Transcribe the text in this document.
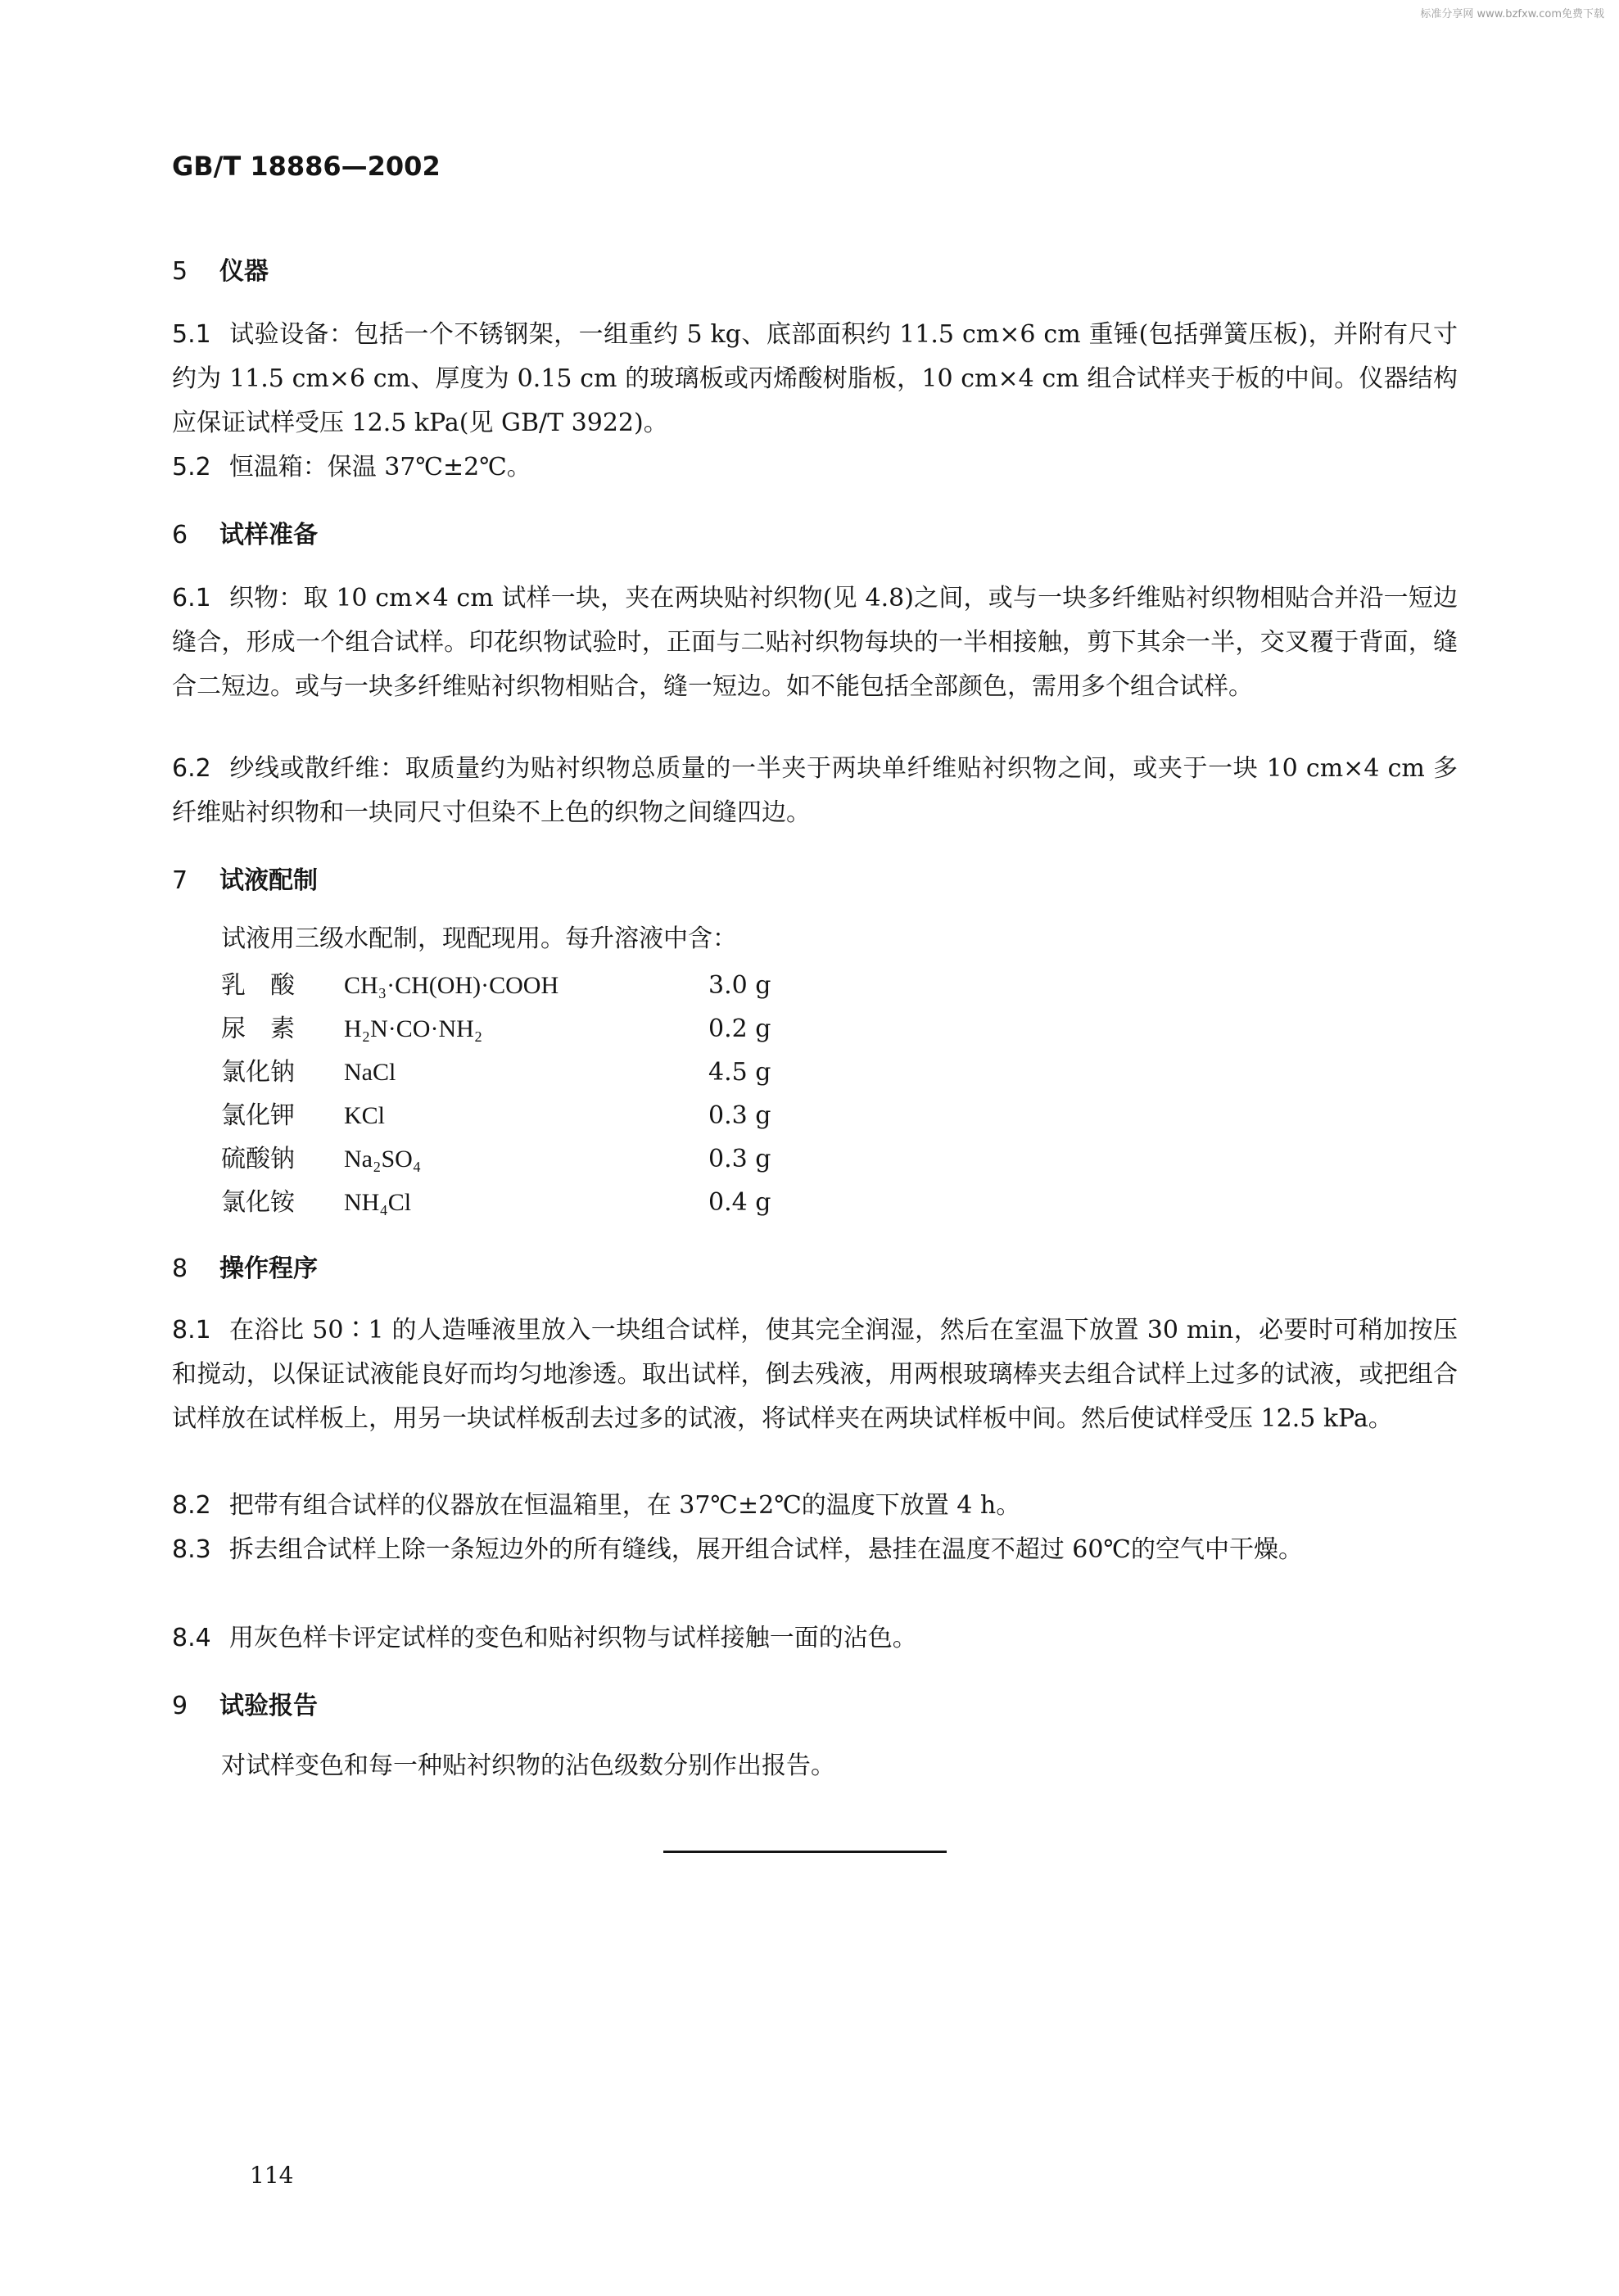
标准分享网 www.bzfxw.com免费下载
GB/T 18886—2002
5 仪器
5.1 试验设备：包括一个不锈钢架，一组重约 5 kg、底部面积约 11.5 cm×6 cm 重锤(包括弹簧压板)，并附有尺寸约为 11.5 cm×6 cm、厚度为 0.15 cm 的玻璃板或丙烯酸树脂板，10 cm×4 cm 组合试样夹于板的中间。仪器结构应保证试样受压 12.5 kPa(见 GB/T 3922)。
5.2 恒温箱：保温 37℃±2℃。
6 试样准备
6.1 织物：取 10 cm×4 cm 试样一块，夹在两块贴衬织物(见 4.8)之间，或与一块多纤维贴衬织物相贴合并沿一短边缝合，形成一个组合试样。印花织物试验时，正面与二贴衬织物每块的一半相接触，剪下其余一半，交叉覆于背面，缝合二短边。或与一块多纤维贴衬织物相贴合，缝一短边。如不能包括全部颜色，需用多个组合试样。
6.2 纱线或散纤维：取质量约为贴衬织物总质量的一半夹于两块单纤维贴衬织物之间，或夹于一块 10 cm×4 cm 多纤维贴衬织物和一块同尺寸但染不上色的织物之间缝四边。
7 试液配制
试液用三级水配制，现配现用。每升溶液中含：
乳　酸 CH₃·CH(OH)·COOH	3.0 g
尿　素 H₂N·CO·NH₂	0.2 g
氯化钠 NaCl	4.5 g
氯化钾 KCl	0.3 g
硫酸钠 Na₂SO₄	0.3 g
氯化铵 NH₄Cl	0.4 g
8 操作程序
8.1 在浴比 50∶1 的人造唾液里放入一块组合试样，使其完全润湿，然后在室温下放置 30 min，必要时可稍加按压和搅动，以保证试液能良好而均匀地渗透。取出试样，倒去残液，用两根玻璃棒夹去组合试样上过多的试液，或把组合试样放在试样板上，用另一块试样板刮去过多的试液，将试样夹在两块试样板中间。然后使试样受压 12.5 kPa。
8.2 把带有组合试样的仪器放在恒温箱里，在 37℃±2℃的温度下放置 4 h。
8.3 拆去组合试样上除一条短边外的所有缝线，展开组合试样，悬挂在温度不超过 60℃的空气中干燥。
8.4 用灰色样卡评定试样的变色和贴衬织物与试样接触一面的沾色。
9 试验报告
对试样变色和每一种贴衬织物的沾色级数分别作出报告。
114
